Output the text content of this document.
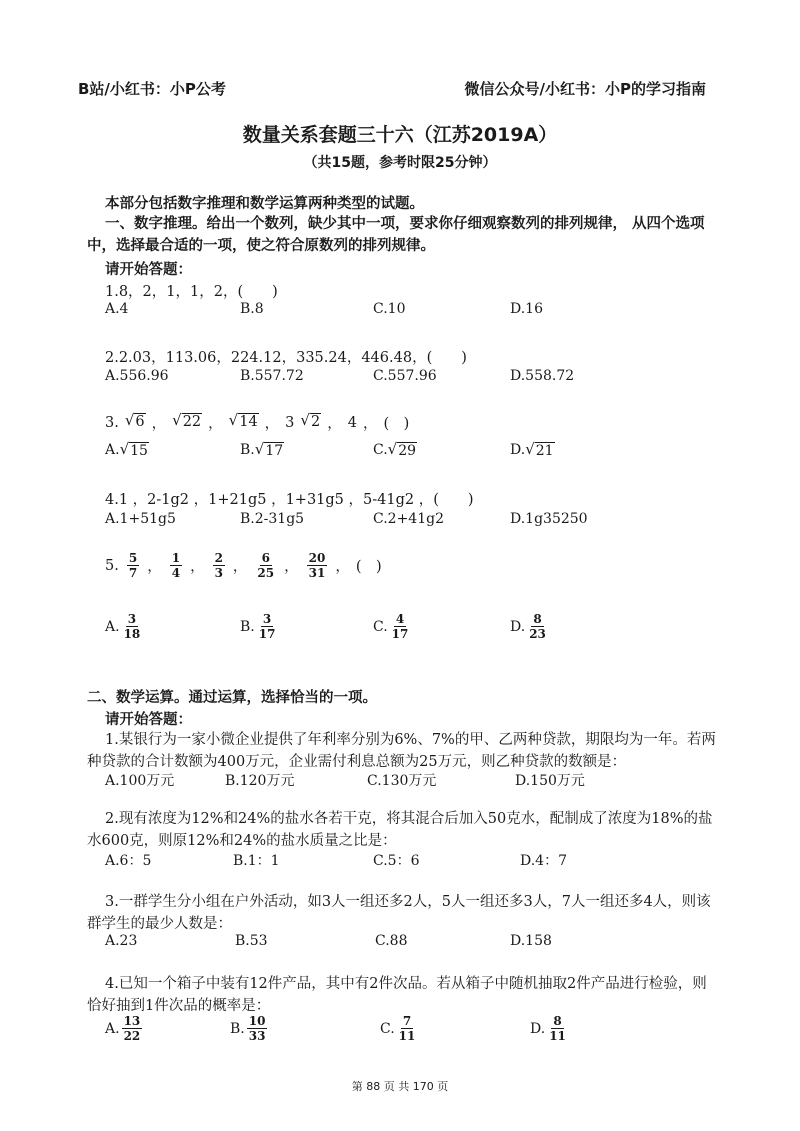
B站/小红书：小P公考	微信公众号/小红书：小P的学习指南
数量关系套题三十六（江苏2019A）
（共15题，参考时限25分钟）
本部分包括数字推理和数学运算两种类型的试题。
一、数字推理。给出一个数列，缺少其中一项，要求你仔细观察数列的排列规律， 从四个选项中，选择最合适的一项，使之符合原数列的排列规律。
请开始答题：
1.8，2，1，1，2，(　　)
A.4	B.8	C.10	D.16
2.2.03，113.06，224.12，335.24，446.48，(　　)
A.556.96	B.557.72	C.557.96	D.558.72
3. √ 6 ， √ 22 ， √ 14 ， 3 √ 2 ， 4 ， (　)
A. √ 15	B. √ 17	C. √ 29	D. √ 21
4.1 ，2-1g2 ，1+21g5 ，1+31g5 ，5-41g2 ，(　　)
A.1+51g5	B.2-31g5	C.2+41g2	D.1g35250
5. $\frac{5}{7}$ ， $\frac{1}{4}$ ， $\frac{2}{3}$ ， $\frac{6}{25}$ ， $\frac{20}{31}$ ， (　)
A. $\frac{3}{18}$	B. $\frac{3}{17}$	C. $\frac{4}{17}$	D. $\frac{8}{23}$
二、数学运算。通过运算，选择恰当的一项。
请开始答题：
1.某银行为一家小微企业提供了年利率分别为6%、7%的甲、乙两种贷款，期限均为一年。若两种贷款的合计数额为400万元，企业需付利息总额为25万元，则乙种贷款的数额是：
A.100万元	B.120万元	C.130万元	D.150万元
2.现有浓度为12%和24%的盐水各若干克，将其混合后加入50克水，配制成了浓度为18%的盐水600克，则原12%和24%的盐水质量之比是：
A.6：5	B.1：1	C.5：6	D.4：7
3.一群学生分小组在户外活动，如3人一组还多2人，5人一组还多3人，7人一组还多4人，则该群学生的最少人数是：
A.23	B.53	C.88	D.158
4.已知一个箱子中装有12件产品，其中有2件次品。若从箱子中随机抽取2件产品进行检验，则恰好抽到1件次品的概率是：
A. $\frac{13}{22}$	B. $\frac{10}{33}$	C. $\frac{7}{11}$	D. $\frac{8}{11}$
第 88 页 共 170 页
